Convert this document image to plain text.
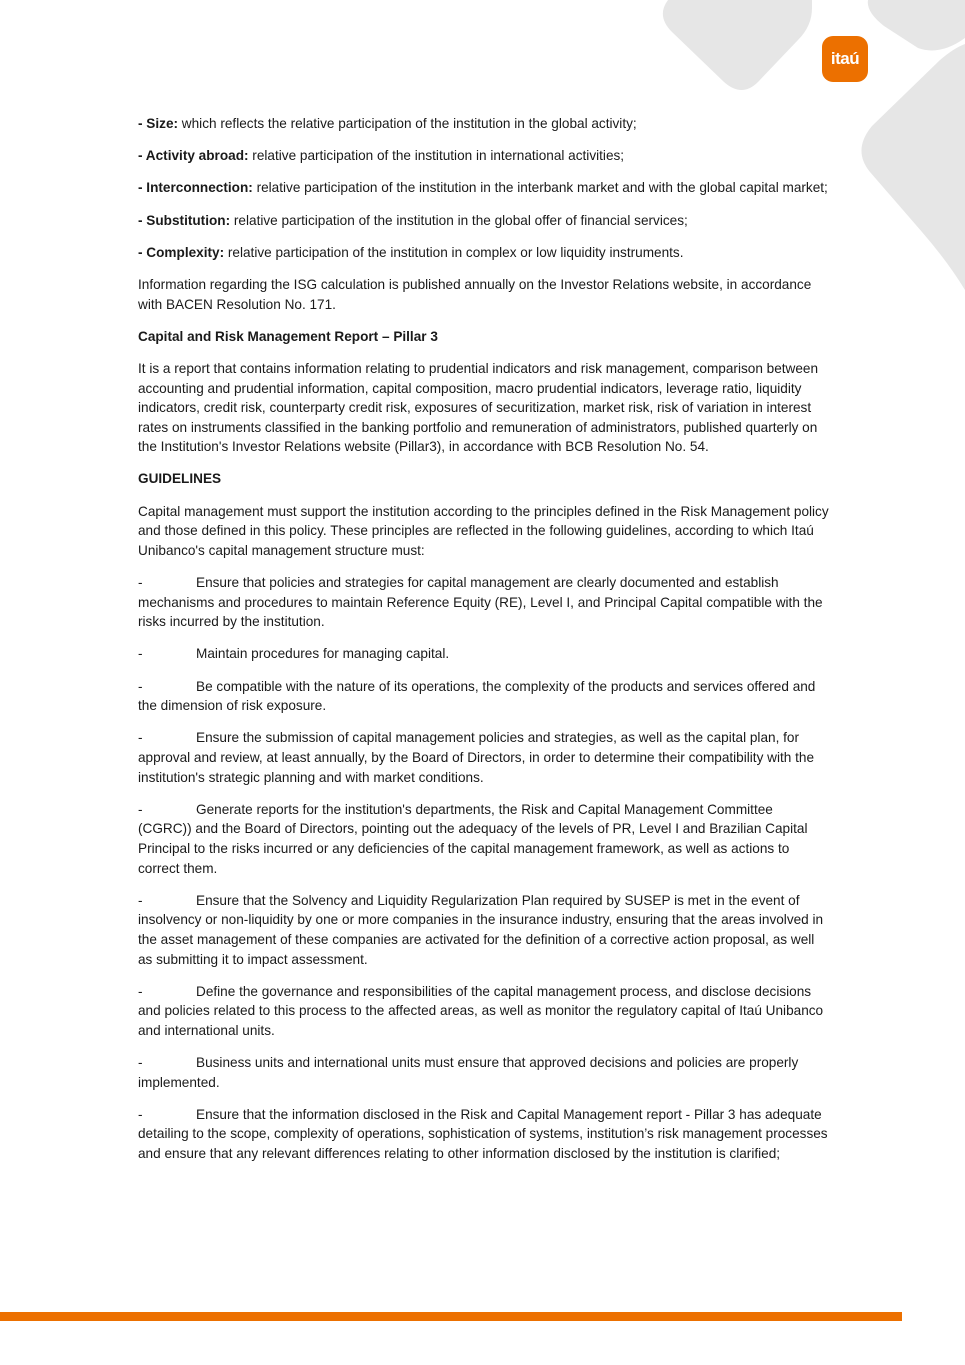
itaú

- Size: which reflects the relative participation of the institution in the global activity;

- Activity abroad: relative participation of the institution in international activities;

- Interconnection: relative participation of the institution in the interbank market and with the global capital market;

- Substitution: relative participation of the institution in the global offer of financial services;

- Complexity: relative participation of the institution in complex or low liquidity instruments.

Information regarding the ISG calculation is published annually on the Investor Relations website, in accordance with BACEN Resolution No. 171.

Capital and Risk Management Report – Pillar 3

It is a report that contains information relating to prudential indicators and risk management, comparison between accounting and prudential information, capital composition, macro prudential indicators, leverage ratio, liquidity indicators, credit risk, counterparty credit risk, exposures of securitization, market risk, risk of variation in interest rates on instruments classified in the banking portfolio and remuneration of administrators, published quarterly on the Institution's Investor Relations website (Pillar3), in accordance with BCB Resolution No. 54.

GUIDELINES

Capital management must support the institution according to the principles defined in the Risk Management policy and those defined in this policy. These principles are reflected in the following guidelines, according to which Itaú Unibanco's capital management structure must:

-	Ensure that policies and strategies for capital management are clearly documented and establish mechanisms and procedures to maintain Reference Equity (RE), Level I, and Principal Capital compatible with the risks incurred by the institution.

-	Maintain procedures for managing capital.

-	Be compatible with the nature of its operations, the complexity of the products and services offered and the dimension of risk exposure.

-	Ensure the submission of capital management policies and strategies, as well as the capital plan, for approval and review, at least annually, by the Board of Directors, in order to determine their compatibility with the institution's strategic planning and with market conditions.

-	Generate reports for the institution's departments, the Risk and Capital Management Committee (CGRC)) and the Board of Directors, pointing out the adequacy of the levels of PR, Level I and Brazilian Capital Principal to the risks incurred or any deficiencies of the capital management framework, as well as actions to correct them.

-	Ensure that the Solvency and Liquidity Regularization Plan required by SUSEP is met in the event of insolvency or non-liquidity by one or more companies in the insurance industry, ensuring that the areas involved in the asset management of these companies are activated for the definition of a corrective action proposal, as well as submitting it to impact assessment.

-	Define the governance and responsibilities of the capital management process, and disclose decisions and policies related to this process to the affected areas, as well as monitor the regulatory capital of Itaú Unibanco and international units.

-	Business units and international units must ensure that approved decisions and policies are properly implemented.

-	Ensure that the information disclosed in the Risk and Capital Management report - Pillar 3 has adequate detailing to the scope, complexity of operations, sophistication of systems, institution’s risk management processes and ensure that any relevant differences relating to other information disclosed by the institution is clarified;
